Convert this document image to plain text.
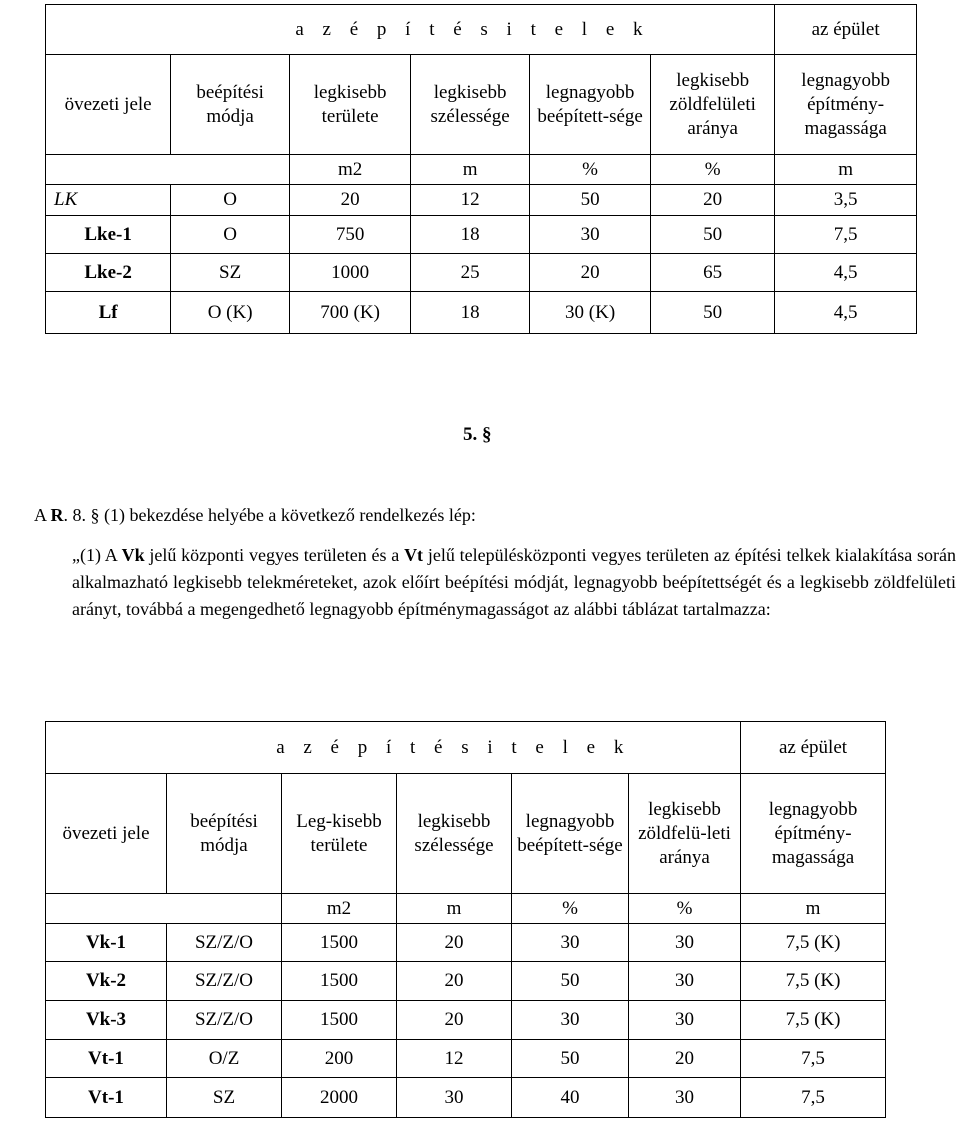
	a z é p í t é s i t e l e k					az épület
övezeti jele	beépítési módja	legkisebb területe	legkisebb szélessége	legnagyobb beépített-sége	legkisebb zöldfelületi aránya	legnagyobb építmény-magassága
		m2	m	%	%	m
LK	O	20	12	50	20	3,5
Lke-1	O	750	18	30	50	7,5
Lke-2	SZ	1000	25	20	65	4,5
Lf	O (K)	700 (K)	18	30 (K)	50	4,5
5. §
A R. 8. § (1) bekezdése helyébe a következő rendelkezés lép:

„(1) A Vk jelű központi vegyes területen és a Vt jelű településközponti vegyes területen az építési telkek kialakítása során alkalmazható legkisebb telekméreteket, azok előírt beépítési módját, legnagyobb beépítettségét és a legkisebb zöldfelületi arányt, továbbá a megengedhető legnagyobb építménymagasságot az alábbi táblázat tartalmazza:

	a z é p í t é s i t e l e k					az épület
övezeti jele	beépítési módja	Leg-kisebb területe	legkisebb szélessége	legnagyobb beépített-sége	legkisebb zöldfelü-leti aránya	legnagyobb építmény-magassága
		m2	m	%	%	m
Vk-1	SZ/Z/O	1500	20	30	30	7,5 (K)
Vk-2	SZ/Z/O	1500	20	50	30	7,5 (K)
Vk-3	SZ/Z/O	1500	20	30	30	7,5 (K)
Vt-1	O/Z	200	12	50	20	7,5
Vt-1	SZ	2000	30	40	30	7,5
